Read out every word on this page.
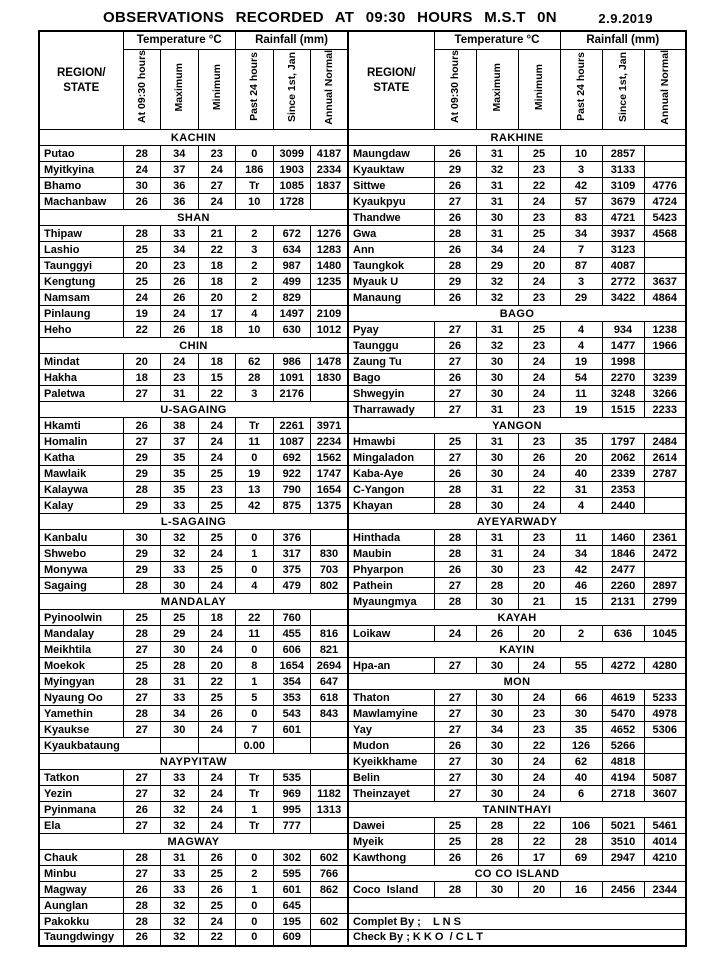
OBSERVATIONS RECORDED AT 09:30 HOURS M.S.T 0N	2.9.2019
REGION/
STATE	Temperature °C			Rainfall (mm)			REGION/
STATE	Temperature °C			Rainfall (mm)		
	At 09:30 hours	Maximum	Minimum	Past 24 hours	Since 1st, Jan	Annual Normal		At 09:30 hours	Maximum	Minimum	Past 24 hours	Since 1st, Jan	Annual Normal
KACHIN							RAKHINE						
Putao	28	34	23	0	3099	4187	Maungdaw	26	31	25	10	2857	
Myitkyina	24	37	24	186	1903	2334	Kyauktaw	29	32	23	3	3133	
Bhamo	30	36	27	Tr	1085	1837	Sittwe	26	31	22	42	3109	4776
Machanbaw	26	36	24	10	1728		Kyaukpyu	27	31	24	57	3679	4724
SHAN							Thandwe	26	30	23	83	4721	5423
Thipaw	28	33	21	2	672	1276	Gwa	28	31	25	34	3937	4568
Lashio	25	34	22	3	634	1283	Ann	26	34	24	7	3123	
Taunggyi	20	23	18	2	987	1480	Taungkok	28	29	20	87	4087	
Kengtung	25	26	18	2	499	1235	Myauk U	29	32	24	3	2772	3637
Namsam	24	26	20	2	829		Manaung	26	32	23	29	3422	4864
Pinlaung	19	24	17	4	1497	2109	BAGO						
Heho	22	26	18	10	630	1012	Pyay	27	31	25	4	934	1238
CHIN							Taunggu	26	32	23	4	1477	1966
Mindat	20	24	18	62	986	1478	Zaung Tu	27	30	24	19	1998	
Hakha	18	23	15	28	1091	1830	Bago	26	30	24	54	2270	3239
Paletwa	27	31	22	3	2176		Shwegyin	27	30	24	11	3248	3266
U-SAGAING							Tharrawady	27	31	23	19	1515	2233
Hkamti	26	38	24	Tr	2261	3971	YANGON						
Homalin	27	37	24	11	1087	2234	Hmawbi	25	31	23	35	1797	2484
Katha	29	35	24	0	692	1562	Mingaladon	27	30	26	20	2062	2614
Mawlaik	29	35	25	19	922	1747	Kaba-Aye	26	30	24	40	2339	2787
Kalaywa	28	35	23	13	790	1654	C-Yangon	28	31	22	31	2353	
Kalay	29	33	25	42	875	1375	Khayan	28	30	24	4	2440	
L-SAGAING							AYEYARWADY						
Kanbalu	30	32	25	0	376		Hinthada	28	31	23	11	1460	2361
Shwebo	29	32	24	1	317	830	Maubin	28	31	24	34	1846	2472
Monywa	29	33	25	0	375	703	Phyarpon	26	30	23	42	2477	
Sagaing	28	30	24	4	479	802	Pathein	27	28	20	46	2260	2897
MANDALAY							Myaungmya	28	30	21	15	2131	2799
Pyinoolwin	25	25	18	22	760		KAYAH						
Mandalay	28	29	24	11	455	816	Loikaw	24	26	20	2	636	1045
Meikhtila	27	30	24	0	606	821	KAYIN						
Moekok	25	28	20	8	1654	2694	Hpa-an	27	30	24	55	4272	4280
Myingyan	28	31	22	1	354	647	MON						
Nyaung Oo	27	33	25	5	353	618	Thaton	27	30	24	66	4619	5233
Yamethin	28	34	26	0	543	843	Mawlamyine	27	30	23	30	5470	4978
Kyaukse	27	30	24	7	601		Yay	27	34	23	35	4652	5306
Kyaukbataung				0.00			Mudon	26	30	22	126	5266	
NAYPYITAW							Kyeikkhame	27	30	24	62	4818	
Tatkon	27	33	24	Tr	535		Belin	27	30	24	40	4194	5087
Yezin	27	32	24	Tr	969	1182	Theinzayet	27	30	24	6	2718	3607
Pyinmana	26	32	24	1	995	1313	TANINTHAYI						
Ela	27	32	24	Tr	777		Dawei	25	28	22	106	5021	5461
MAGWAY							Myeik	25	28	22	28	3510	4014
Chauk	28	31	26	0	302	602	Kawthong	26	26	17	69	2947	4210
Minbu	27	33	25	2	595	766	CO CO ISLAND						
Magway	26	33	26	1	601	862	Coco  Island	28	30	20	16	2456	2344
Aunglan	28	32	25	0	645								
Pakokku	28	32	24	0	195	602	Complet By ;    L N S						
Taungdwingy	26	32	22	0	609		Check By ; K K O  / C L T						
